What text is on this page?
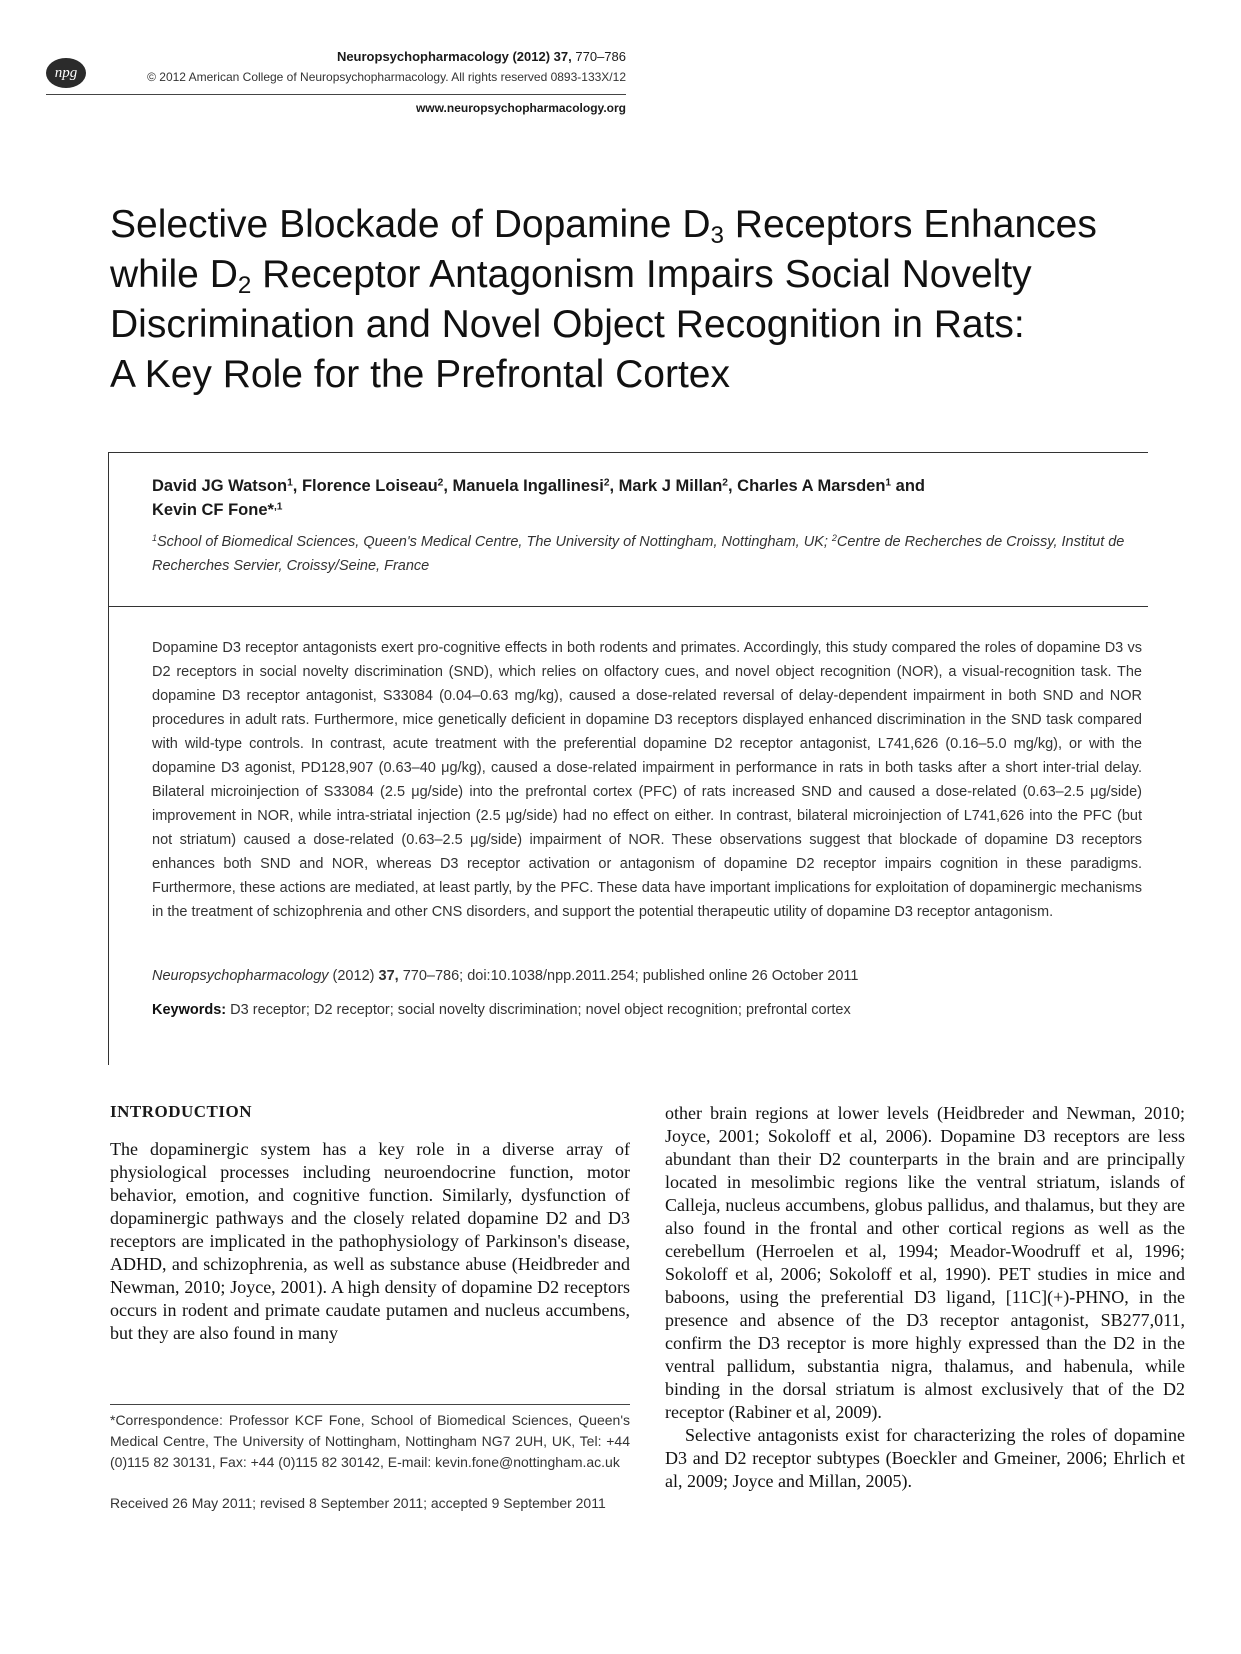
npg
Neuropsychopharmacology (2012) 37, 770–786
© 2012 American College of Neuropsychopharmacology. All rights reserved 0893-133X/12
www.neuropsychopharmacology.org
Selective Blockade of Dopamine $D_3$ Receptors Enhances
while $D_2$ Receptor Antagonism Impairs Social Novelty
Discrimination and Novel Object Recognition in Rats:
A Key Role for the Prefrontal Cortex
David JG Watson$^1$, Florence Loiseau$^2$, Manuela Ingallinesi$^2$, Mark J Millan$^2$, Charles A Marsden$^1$ and
Kevin CF Fone*$^{,1}$
$^1$School of Biomedical Sciences, Queen's Medical Centre, The University of Nottingham, Nottingham, UK; $^2$Centre de Recherches de Croissy, Institut de Recherches Servier, Croissy/Seine, France
Dopamine D3 receptor antagonists exert pro-cognitive effects in both rodents and primates. Accordingly, this study compared the roles of dopamine D3 vs D2 receptors in social novelty discrimination (SND), which relies on olfactory cues, and novel object recognition (NOR), a visual-recognition task. The dopamine D3 receptor antagonist, S33084 (0.04–0.63 mg/kg), caused a dose-related reversal of delay-dependent impairment in both SND and NOR procedures in adult rats. Furthermore, mice genetically deficient in dopamine D3 receptors displayed enhanced discrimination in the SND task compared with wild-type controls. In contrast, acute treatment with the preferential dopamine D2 receptor antagonist, L741,626 (0.16–5.0 mg/kg), or with the dopamine D3 agonist, PD128,907 (0.63–40 μg/kg), caused a dose-related impairment in performance in rats in both tasks after a short inter-trial delay. Bilateral microinjection of S33084 (2.5 μg/side) into the prefrontal cortex (PFC) of rats increased SND and caused a dose-related (0.63–2.5 μg/side) improvement in NOR, while intra-striatal injection (2.5 μg/side) had no effect on either. In contrast, bilateral microinjection of L741,626 into the PFC (but not striatum) caused a dose-related (0.63–2.5 μg/side) impairment of NOR. These observations suggest that blockade of dopamine D3 receptors enhances both SND and NOR, whereas D3 receptor activation or antagonism of dopamine D2 receptor impairs cognition in these paradigms. Furthermore, these actions are mediated, at least partly, by the PFC. These data have important implications for exploitation of dopaminergic mechanisms in the treatment of schizophrenia and other CNS disorders, and support the potential therapeutic utility of dopamine D3 receptor antagonism.
Neuropsychopharmacology (2012) 37, 770–786; doi:10.1038/npp.2011.254; published online 26 October 2011
Keywords: D3 receptor; D2 receptor; social novelty discrimination; novel object recognition; prefrontal cortex
INTRODUCTION
The dopaminergic system has a key role in a diverse array of physiological processes including neuroendocrine function, motor behavior, emotion, and cognitive function. Similarly, dysfunction of dopaminergic pathways and the closely related dopamine D2 and D3 receptors are implicated in the pathophysiology of Parkinson's disease, ADHD, and schizophrenia, as well as substance abuse (Heidbreder and Newman, 2010; Joyce, 2001). A high density of dopamine D2 receptors occurs in rodent and primate caudate putamen and nucleus accumbens, but they are also found in many

other brain regions at lower levels (Heidbreder and Newman, 2010; Joyce, 2001; Sokoloff et al, 2006). Dopamine D3 receptors are less abundant than their D2 counterparts in the brain and are principally located in mesolimbic regions like the ventral striatum, islands of Calleja, nucleus accumbens, globus pallidus, and thalamus, but they are also found in the frontal and other cortical regions as well as the cerebellum (Herroelen et al, 1994; Meador-Woodruff et al, 1996; Sokoloff et al, 2006; Sokoloff et al, 1990). PET studies in mice and baboons, using the preferential D3 ligand, [11C](+)-PHNO, in the presence and absence of the D3 receptor antagonist, SB277,011, confirm the D3 receptor is more highly expressed than the D2 in the ventral pallidum, substantia nigra, thalamus, and habenula, while binding in the dorsal striatum is almost exclusively that of the D2 receptor (Rabiner et al, 2009).

Selective antagonists exist for characterizing the roles of dopamine D3 and D2 receptor subtypes (Boeckler and Gmeiner, 2006; Ehrlich et al, 2009; Joyce and Millan, 2005).

*Correspondence: Professor KCF Fone, School of Biomedical Sciences, Queen's Medical Centre, The University of Nottingham, Nottingham NG7 2UH, UK, Tel: +44 (0)115 82 30131, Fax: +44 (0)115 82 30142, E-mail: kevin.fone@nottingham.ac.uk
Received 26 May 2011; revised 8 September 2011; accepted 9 September 2011
